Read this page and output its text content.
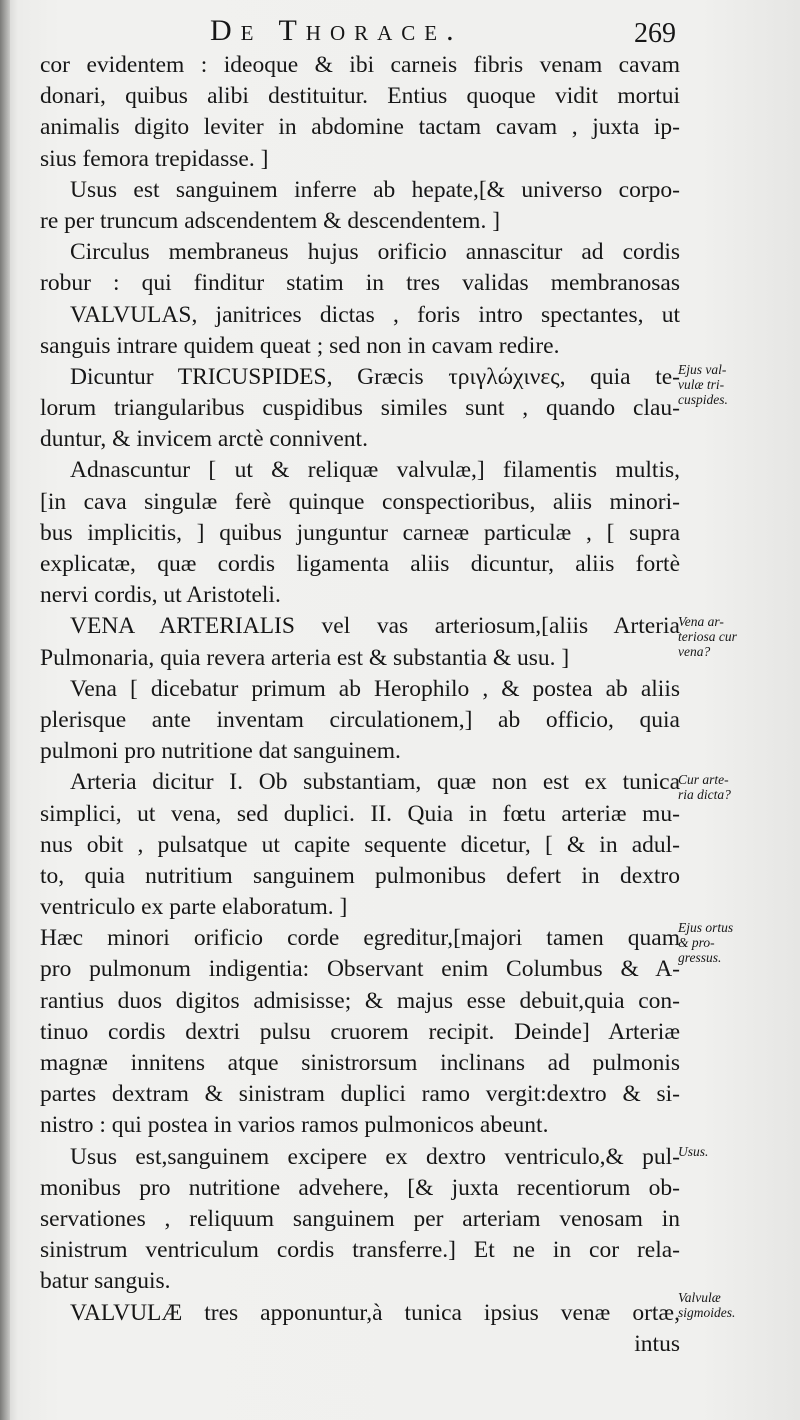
De Thorace.	269
cor evidentem : ideoque & ibi carneis fibris venam cavam
donari, quibus alibi destituitur. Entius quoque vidit mortui
animalis digito leviter in abdomine tactam cavam , juxta ip-
sius femora trepidasse. ]
Usus est sanguinem inferre ab hepate,[& universo corpo-
re per truncum adscendentem & descendentem. ]
Circulus membraneus hujus orificio annascitur ad cordis
robur : qui finditur statim in tres validas membranosas
VALVULAS, janitrices dictas , foris intro spectantes, ut
sanguis intrare quidem queat ; sed non in cavam redire.
Dicuntur TRICUSPIDES, Græcis τριγλώχινες, quia te-
lorum triangularibus cuspidibus similes sunt , quando clau-
duntur, & invicem arctè connivent.
Adnascuntur [ ut & reliquæ valvulæ,] filamentis multis,
[in cava singulæ ferè quinque conspectioribus, aliis minori-
bus implicitis, ] quibus junguntur carneæ particulæ , [ supra
explicatæ, quæ cordis ligamenta aliis dicuntur, aliis fortè
nervi cordis, ut Aristoteli.
VENA ARTERIALIS vel vas arteriosum,[aliis Arteria
Pulmonaria, quia revera arteria est & substantia & usu. ]
Vena [ dicebatur primum ab Herophilo , & postea ab aliis
plerisque ante inventam circulationem,] ab officio, quia
pulmoni pro nutritione dat sanguinem.
Arteria dicitur I. Ob substantiam, quæ non est ex tunica
simplici, ut vena, sed duplici. II. Quia in fœtu arteriæ mu-
nus obit , pulsatque ut capite sequente dicetur, [ & in adul-
to, quia nutritium sanguinem pulmonibus defert in dextro
ventriculo ex parte elaboratum. ]
Hæc minori orificio corde egreditur,[majori tamen quam
pro pulmonum indigentia: Observant enim Columbus & A-
rantius duos digitos admisisse; & majus esse debuit,quia con-
tinuo cordis dextri pulsu cruorem recipit. Deinde] Arteriæ
magnæ innitens atque sinistrorsum inclinans ad pulmonis
partes dextram & sinistram duplici ramo vergit:dextro & si-
nistro : qui postea in varios ramos pulmonicos abeunt.
Usus est,sanguinem excipere ex dextro ventriculo,& pul-
monibus pro nutritione advehere, [& juxta recentiorum ob-
servationes , reliquum sanguinem per arteriam venosam in
sinistrum ventriculum cordis transferre.] Et ne in cor rela-
batur sanguis.
VALVULÆ tres apponuntur,à tunica ipsius venæ ortæ,
intus
Ejus val-
vulæ tri-
cuspides.
Vena ar-
teriosa cur
vena?
Cur arte-
ria dicta?
Ejus ortus
& pro-
gressus.
Usus.
Valvulæ
sigmoides.
